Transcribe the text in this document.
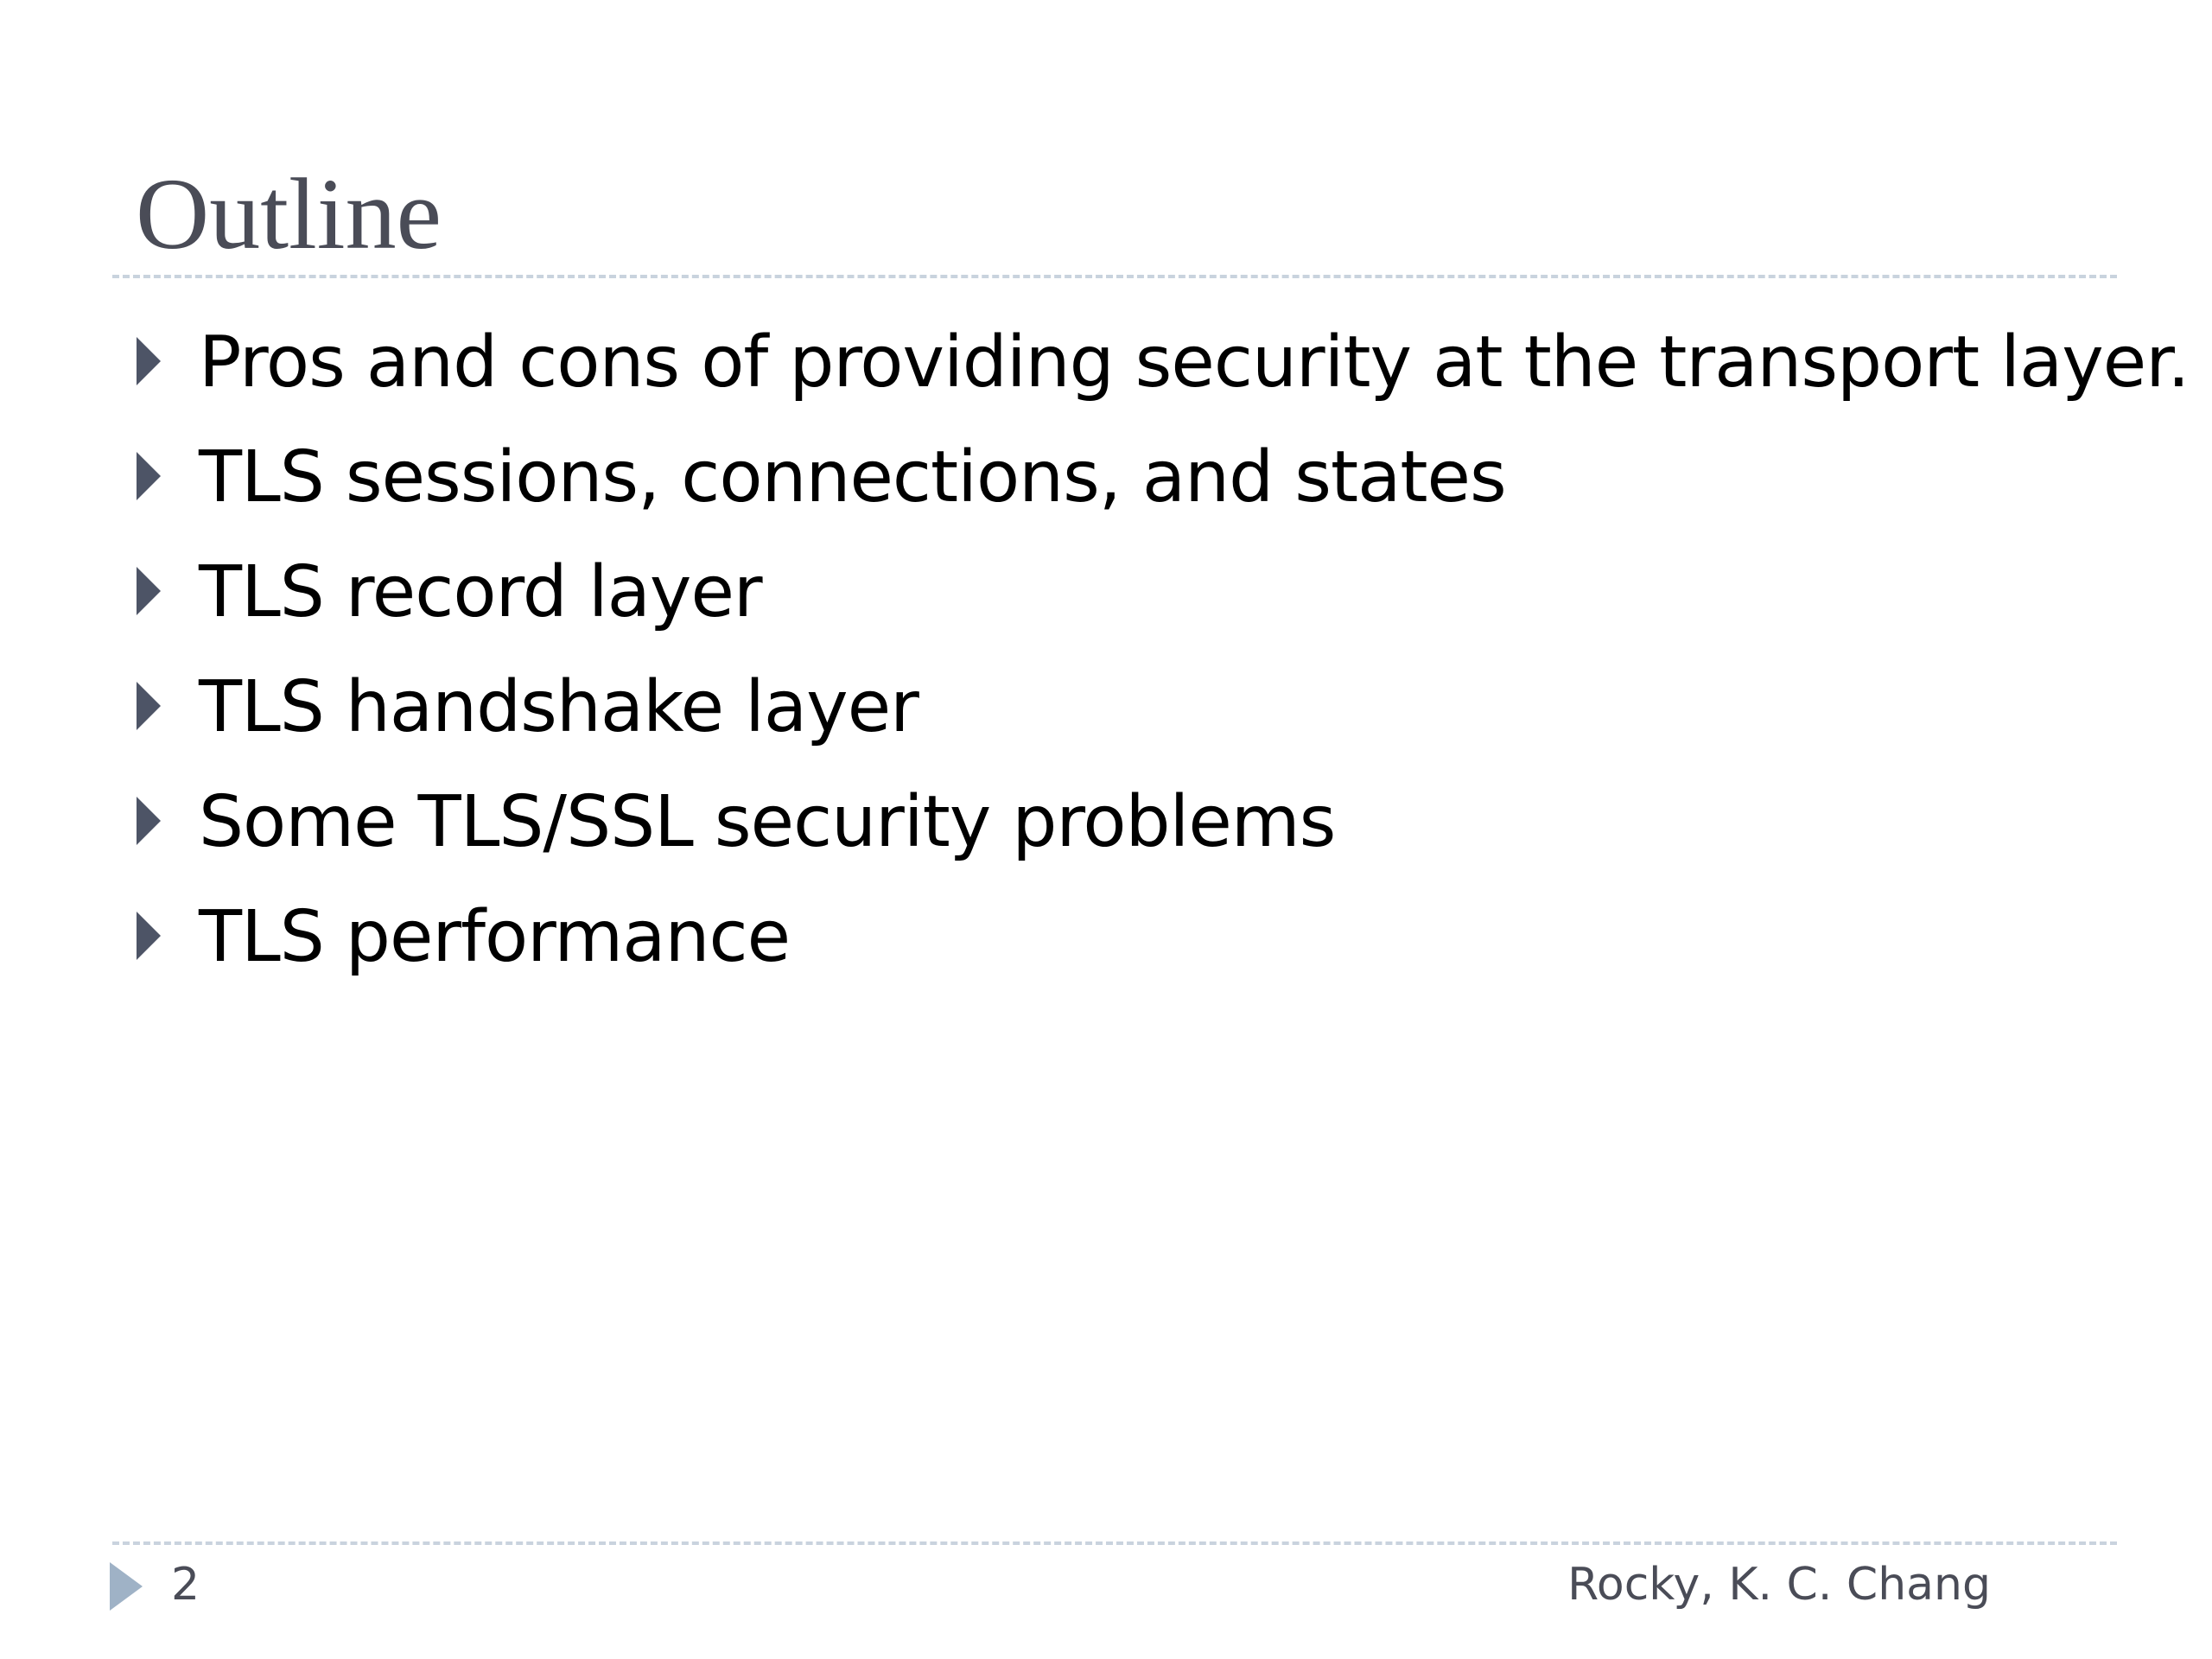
Outline
Pros and cons of providing security at the transport layer.
TLS sessions, connections, and states
TLS record layer
TLS handshake layer
Some TLS/SSL security problems
TLS performance
2	Rocky, K. C. Chang
